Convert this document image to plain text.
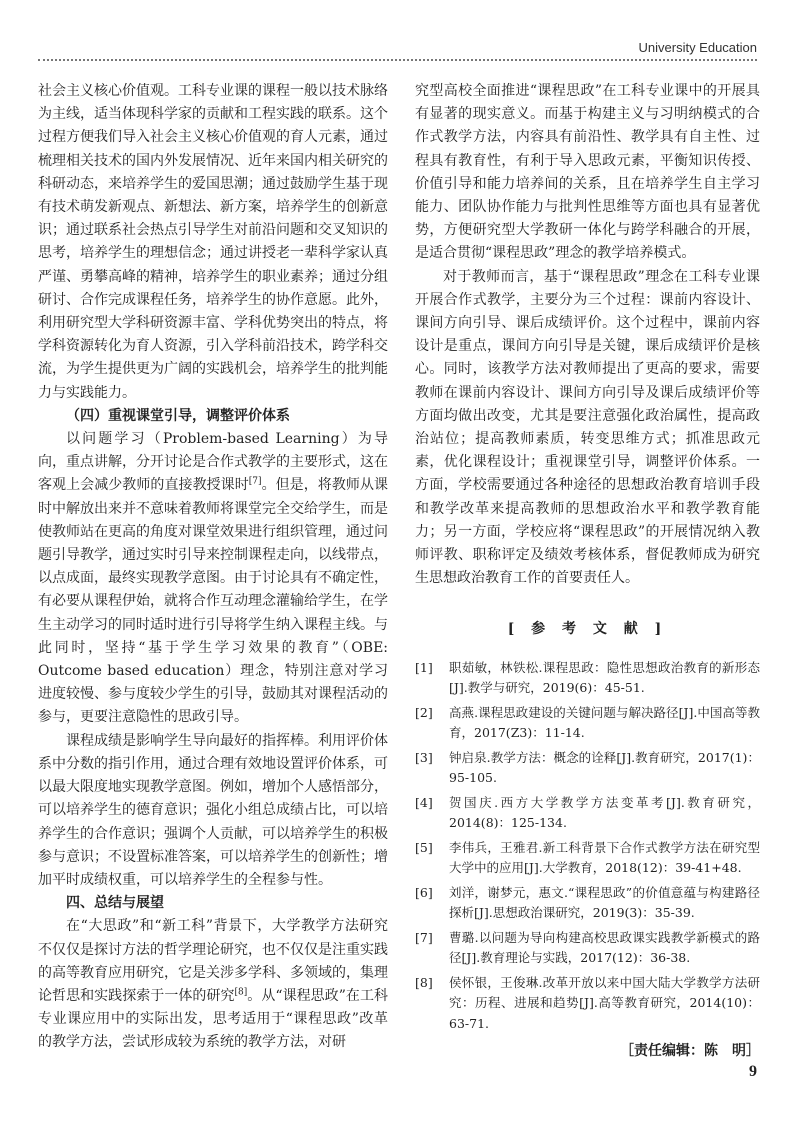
University Education

社会主义核心价值观。工科专业课的课程一般以技术脉络为主线，适当体现科学家的贡献和工程实践的联系。这个过程方便我们导入社会主义核心价值观的育人元素，通过梳理相关技术的国内外发展情况、近年来国内相关研究的科研动态，来培养学生的爱国思潮；通过鼓励学生基于现有技术萌发新观点、新想法、新方案，培养学生的创新意识；通过联系社会热点引导学生对前沿问题和交叉知识的思考，培养学生的理想信念；通过讲授老一辈科学家认真严谨、勇攀高峰的精神，培养学生的职业素养；通过分组研讨、合作完成课程任务，培养学生的协作意愿。此外，利用研究型大学科研资源丰富、学科优势突出的特点，将学科资源转化为育人资源，引入学科前沿技术，跨学科交流，为学生提供更为广阔的实践机会，培养学生的批判能力与实践能力。

（四）重视课堂引导，调整评价体系

以问题学习（Problem-based Learning）为导向，重点讲解，分开讨论是合作式教学的主要形式，这在客观上会减少教师的直接教授课时[7]。但是，将教师从课时中解放出来并不意味着教师将课堂完全交给学生，而是使教师站在更高的角度对课堂效果进行组织管理，通过问题引导教学，通过实时引导来控制课程走向，以线带点，以点成面，最终实现教学意图。由于讨论具有不确定性，有必要从课程伊始，就将合作互动理念灌输给学生，在学生主动学习的同时适时进行引导将学生纳入课程主线。与此同时，坚持“基于学生学习效果的教育”（OBE: Outcome based education）理念，特别注意对学习进度较慢、参与度较少学生的引导，鼓励其对课程活动的参与，更要注意隐性的思政引导。

课程成绩是影响学生导向最好的指挥棒。利用评价体系中分数的指引作用，通过合理有效地设置评价体系，可以最大限度地实现教学意图。例如，增加个人感悟部分，可以培养学生的德育意识；强化小组总成绩占比，可以培养学生的合作意识；强调个人贡献，可以培养学生的积极参与意识；不设置标准答案，可以培养学生的创新性；增加平时成绩权重，可以培养学生的全程参与性。

四、总结与展望

在“大思政”和“新工科”背景下，大学教学方法研究不仅仅是探讨方法的哲学理论研究，也不仅仅是注重实践的高等教育应用研究，它是关涉多学科、多领域的，集理论哲思和实践探索于一体的研究[8]。从“课程思政”在工科专业课应用中的实际出发，思考适用于“课程思政”改革的教学方法，尝试形成较为系统的教学方法，对研

究型高校全面推进“课程思政”在工科专业课中的开展具有显著的现实意义。而基于构建主义与习明纳模式的合作式教学方法，内容具有前沿性、教学具有自主性、过程具有教育性，有利于导入思政元素，平衡知识传授、价值引导和能力培养间的关系，且在培养学生自主学习能力、团队协作能力与批判性思维等方面也具有显著优势，方便研究型大学教研一体化与跨学科融合的开展，是适合贯彻“课程思政”理念的教学培养模式。

对于教师而言，基于“课程思政”理念在工科专业课开展合作式教学，主要分为三个过程：课前内容设计、课间方向引导、课后成绩评价。这个过程中，课前内容设计是重点，课间方向引导是关键，课后成绩评价是核心。同时，该教学方法对教师提出了更高的要求，需要教师在课前内容设计、课间方向引导及课后成绩评价等方面均做出改变，尤其是要注意强化政治属性，提高政治站位；提高教师素质，转变思维方式；抓准思政元素，优化课程设计；重视课堂引导，调整评价体系。一方面，学校需要通过各种途径的思想政治教育培训手段和教学改革来提高教师的思想政治水平和教学教育能力；另一方面，学校应将“课程思政”的开展情况纳入教师评教、职称评定及绩效考核体系，督促教师成为研究生思想政治教育工作的首要责任人。

[ 参 考 文 献 ]
[1]	职茹敏，林铁松.课程思政：隐性思想政治教育的新形态[J].教学与研究，2019(6)：45-51.
[2]	高燕.课程思政建设的关键问题与解决路径[J].中国高等教育，2017(Z3)：11-14.
[3]	钟启泉.教学方法：概念的诠释[J].教育研究，2017(1)：95-105.
[4]	贺国庆.西方大学教学方法变革考[J].教育研究，2014(8)：125-134.
[5]	李伟兵，王雅君.新工科背景下合作式教学方法在研究型大学中的应用[J].大学教育，2018(12)：39-41+48.
[6]	刘洋，谢梦元，惠文.“课程思政”的价值意蕴与构建路径探析[J].思想政治课研究，2019(3)：35-39.
[7]	曹璐.以问题为导向构建高校思政课实践教学新模式的路径[J].教育理论与实践，2017(12)：36-38.
[8]	侯怀银，王俊琳.改革开放以来中国大陆大学教学方法研究：历程、进展和趋势[J].高等教育研究，2014(10)：63-71.
［责任编辑：陈　明］
9
